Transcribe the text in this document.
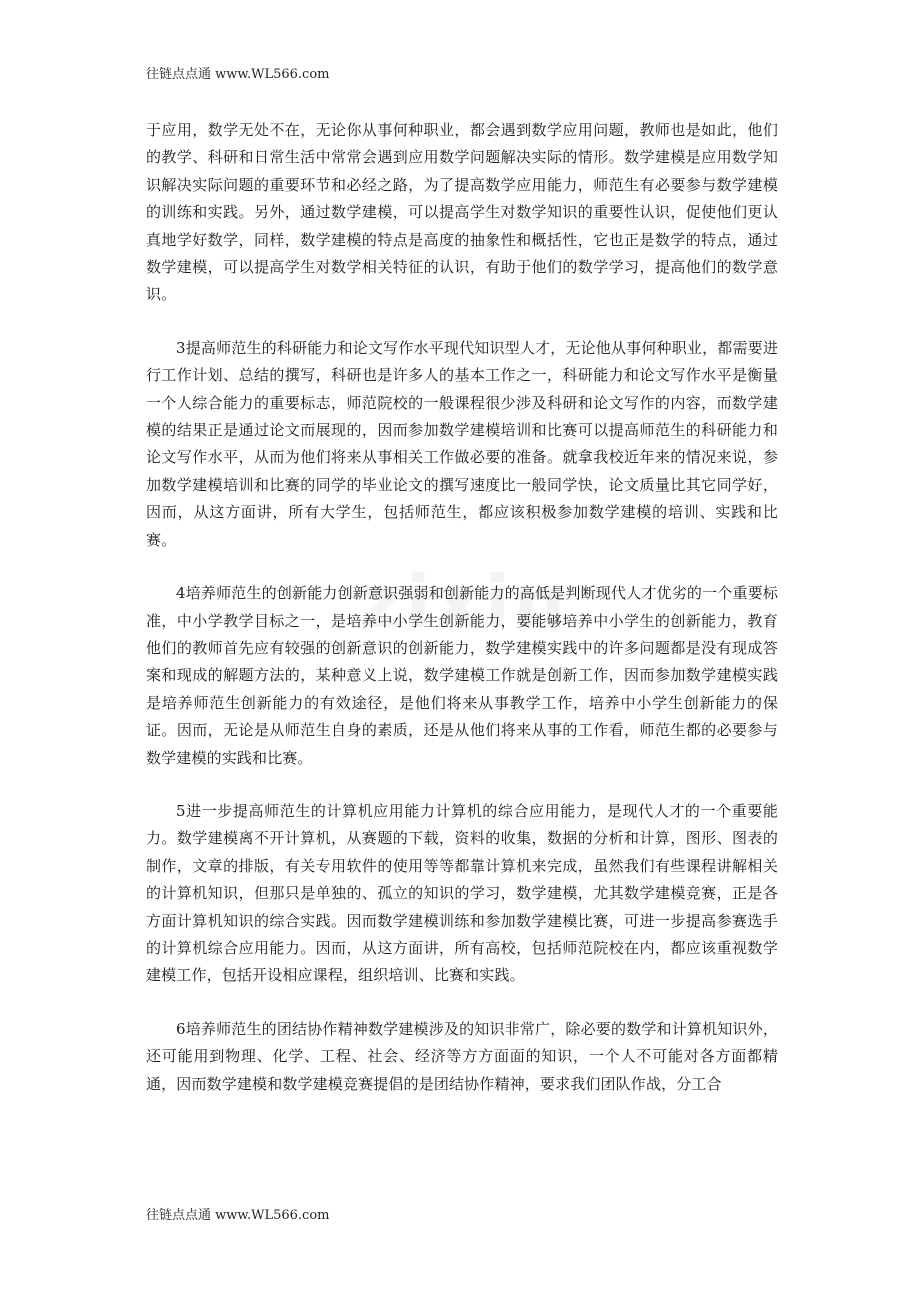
往链点点通 www.WL566.com

于应用，数学无处不在，无论你从事何种职业，都会遇到数学应用问题，教师也是如此，他们的教学、科研和日常生活中常常会遇到应用数学问题解决实际的情形。数学建模是应用数学知识解决实际问题的重要环节和必经之路，为了提高数学应用能力，师范生有必要参与数学建模的训练和实践。另外，通过数学建模，可以提高学生对数学知识的重要性认识，促使他们更认真地学好数学，同样，数学建模的特点是高度的抽象性和概括性，它也正是数学的特点，通过数学建模，可以提高学生对数学相关特征的认识，有助于他们的数学学习，提高他们的数学意识。

3提高师范生的科研能力和论文写作水平现代知识型人才，无论他从事何种职业，都需要进行工作计划、总结的撰写，科研也是许多人的基本工作之一，科研能力和论文写作水平是衡量一个人综合能力的重要标志，师范院校的一般课程很少涉及科研和论文写作的内容，而数学建模的结果正是通过论文而展现的，因而参加数学建模培训和比赛可以提高师范生的科研能力和论文写作水平，从而为他们将来从事相关工作做必要的准备。就拿我校近年来的情况来说，参加数学建模培训和比赛的同学的毕业论文的撰写速度比一般同学快，论文质量比其它同学好，因而，从这方面讲，所有大学生，包括师范生，都应该积极参加数学建模的培训、实践和比赛。

4培养师范生的创新能力创新意识强弱和创新能力的高低是判断现代人才优劣的一个重要标准，中小学教学目标之一，是培养中小学生创新能力，要能够培养中小学生的创新能力，教育他们的教师首先应有较强的创新意识的创新能力，数学建模实践中的许多问题都是没有现成答案和现成的解题方法的，某种意义上说，数学建模工作就是创新工作，因而参加数学建模实践是培养师范生创新能力的有效途径，是他们将来从事教学工作，培养中小学生创新能力的保证。因而，无论是从师范生自身的素质，还是从他们将来从事的工作看，师范生都的必要参与数学建模的实践和比赛。

5进一步提高师范生的计算机应用能力计算机的综合应用能力，是现代人才的一个重要能力。数学建模离不开计算机，从赛题的下载，资料的收集，数据的分析和计算，图形、图表的制作，文章的排版，有关专用软件的使用等等都靠计算机来完成，虽然我们有些课程讲解相关的计算机知识，但那只是单独的、孤立的知识的学习，数学建模，尤其数学建模竞赛，正是各方面计算机知识的综合实践。因而数学建模训练和参加数学建模比赛，可进一步提高参赛选手的计算机综合应用能力。因而，从这方面讲，所有高校，包括师范院校在内，都应该重视数学建模工作，包括开设相应课程，组织培训、比赛和实践。

6培养师范生的团结协作精神数学建模涉及的知识非常广，除必要的数学和计算机知识外，还可能用到物理、化学、工程、社会、经济等方方面面的知识，一个人不可能对各方面都精通，因而数学建模和数学建模竞赛提倡的是团结协作精神，要求我们团队作战，分工合

往链点点通 www.WL566.com
